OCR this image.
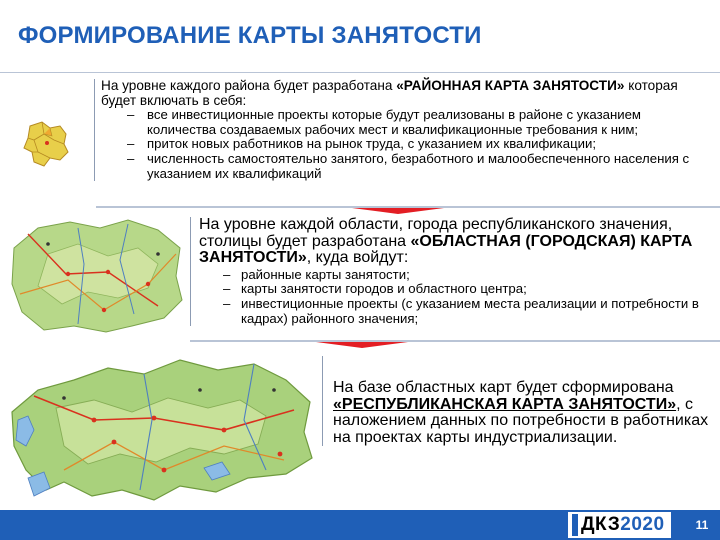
ФОРМИРОВАНИЕ КАРТЫ ЗАНЯТОСТИ
На уровне каждого района будет разработана «РАЙОННАЯ КАРТА ЗАНЯТОСТИ» которая будет включать в себя:
– все инвестиционные проекты которые будут реализованы в районе с указанием количества создаваемых рабочих мест и квалификационные требования к ним;
– приток новых работников на рынок труда, с указанием их квалификации;
– численность самостоятельно занятого, безработного и малообеспеченного населения с указанием их квалификаций
На уровне каждой области, города республиканского значения, столицы будет разработана «ОБЛАСТНАЯ (ГОРОДСКАЯ) КАРТА ЗАНЯТОСТИ», куда войдут:
– районные карты занятости;
– карты занятости городов и областного центра;
– инвестиционные проекты (с указанием места реализации и потребности в кадрах) районного значения;
На базе областных карт будет сформирована «РЕСПУБЛИКАНСКАЯ КАРТА ЗАНЯТОСТИ», с наложением данных по потребности в работниках на проектах карты индустриализации.
ДКЗ2020	11
